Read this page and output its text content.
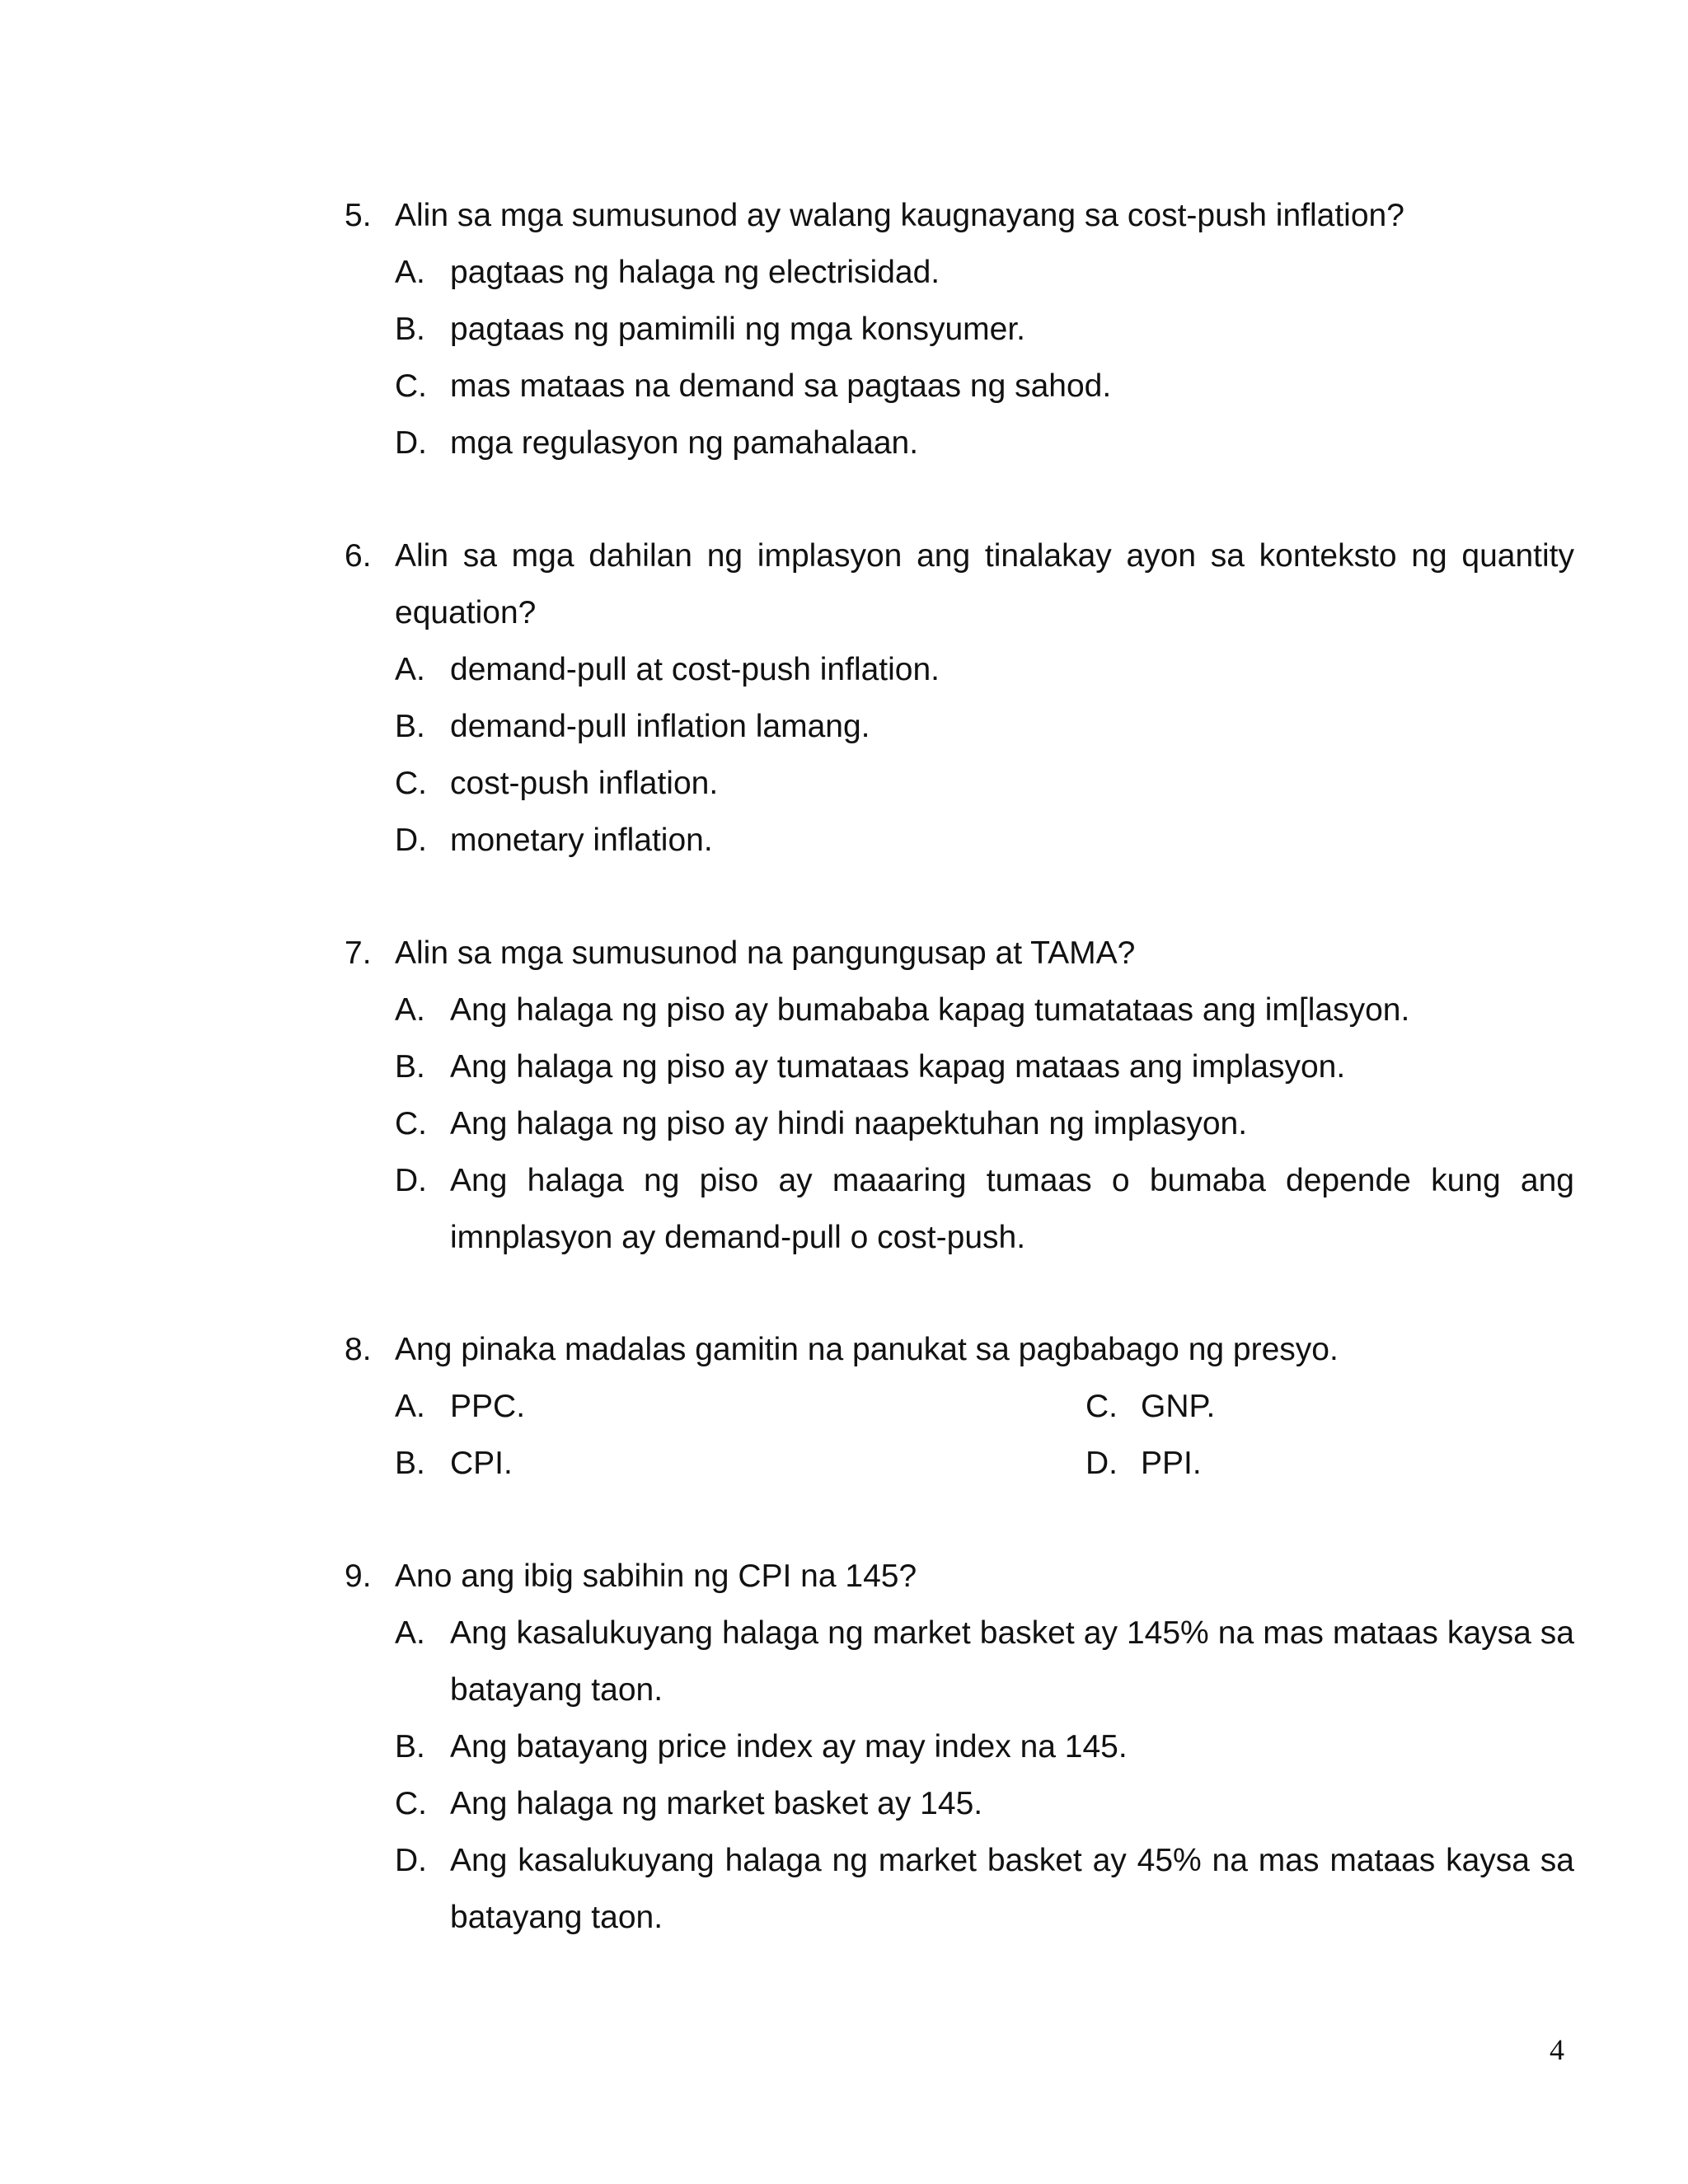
5. Alin sa mga sumusunod ay walang kaugnayang sa cost-push inflation?
A. pagtaas ng halaga ng electrisidad.
B. pagtaas ng pamimili ng mga konsyumer.
C. mas mataas na demand sa pagtaas ng sahod.
D. mga regulasyon ng pamahalaan.
6. Alin sa mga dahilan ng implasyon ang tinalakay ayon sa konteksto ng quantity equation?
A. demand-pull at cost-push inflation.
B. demand-pull inflation lamang.
C. cost-push inflation.
D. monetary inflation.
7. Alin sa mga sumusunod na pangungusap at TAMA?
A. Ang halaga ng piso ay bumababa kapag tumatataas ang im[lasyon.
B. Ang halaga ng piso ay tumataas kapag mataas ang implasyon.
C. Ang halaga ng piso ay hindi naapektuhan ng implasyon.
D. Ang halaga ng piso ay maaaring tumaas o bumaba depende kung ang imnplasyon ay demand-pull o cost-push.
8. Ang pinaka madalas gamitin na panukat sa pagbabago ng presyo.
A. PPC.	C. GNP.
B. CPI.	D. PPI.
9. Ano ang ibig sabihin ng CPI na 145?
A. Ang kasalukuyang halaga ng market basket ay 145% na mas mataas kaysa sa batayang taon.
B. Ang batayang price index ay may index na 145.
C. Ang halaga ng market basket ay 145.
D. Ang kasalukuyang halaga ng market basket ay 45% na mas mataas kaysa sa batayang taon.
4
